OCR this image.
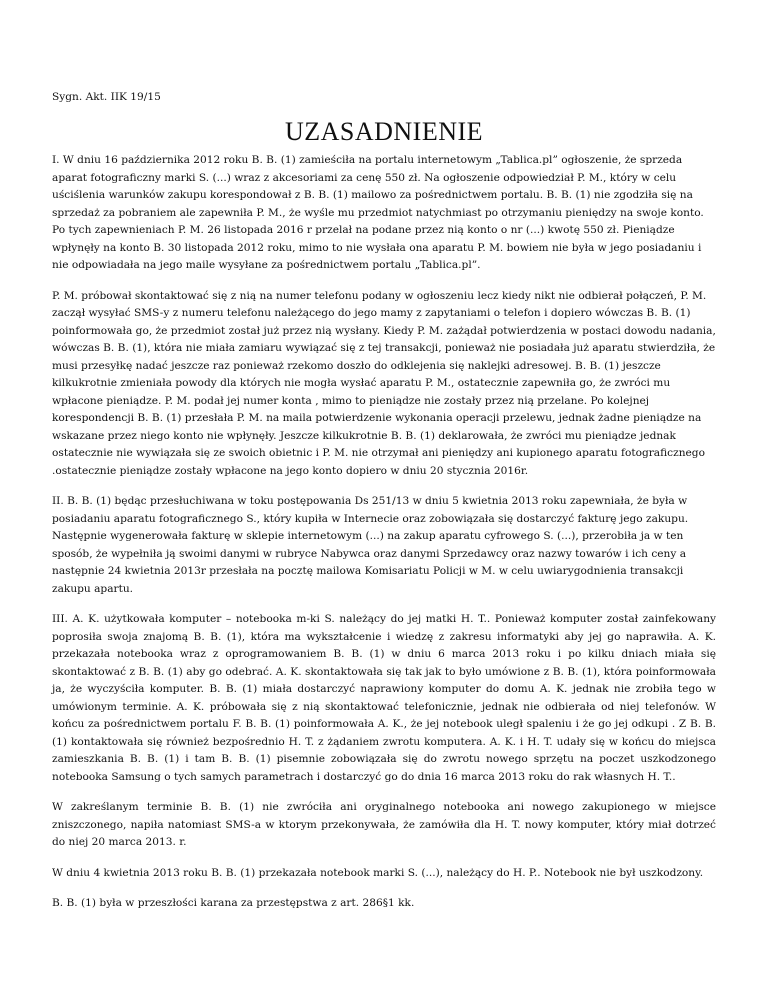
Sygn. Akt. IIK 19/15
UZASADNIENIE

I. W dniu 16 października 2012 roku B. B. (1) zamieściła na portalu internetowym „Tablica.pl” ogłoszenie, że sprzeda aparat fotograficzny marki S. (...) wraz z akcesoriami za cenę 550 zł. Na ogłoszenie odpowiedział P. M., który w celu uściślenia warunków zakupu korespondował z B. B. (1) mailowo za pośrednictwem portalu. B. B. (1) nie zgodziła się na sprzedaż za pobraniem ale zapewniła P. M., że wyśle mu przedmiot natychmiast po otrzymaniu pieniędzy na swoje konto. Po tych zapewnieniach P. M. 26 listopada 2016 r przelał na podane przez nią konto o nr (...) kwotę 550 zł. Pieniądze wpłynęły na konto B. 30 listopada 2012 roku, mimo to nie wysłała ona aparatu P. M. bowiem nie była w jego posiadaniu i nie odpowiadała na jego maile wysyłane za pośrednictwem portalu „Tablica.pl”.

P. M. próbował skontaktować się z nią na numer telefonu podany w ogłoszeniu lecz kiedy nikt nie odbierał połączeń, P. M. zaczął wysyłać SMS-y z numeru telefonu należącego do jego mamy z zapytaniami o telefon i dopiero wówczas B. B. (1) poinformowała go, że przedmiot został już przez nią wysłany. Kiedy P. M. zażądał potwierdzenia w postaci dowodu nadania, wówczas B. B. (1), która nie miała zamiaru wywiązać się z tej transakcji, ponieważ nie posiadała już aparatu stwierdziła, że musi przesyłkę nadać jeszcze raz ponieważ rzekomo doszło do odklejenia się naklejki adresowej. B. B. (1) jeszcze kilkukrotnie zmieniała powody dla których nie mogła wysłać aparatu P. M., ostatecznie zapewniła go, że zwróci mu wpłacone pieniądze. P. M. podał jej numer konta , mimo to pieniądze nie zostały przez nią przelane. Po kolejnej korespondencji B. B. (1) przesłała P. M. na maila potwierdzenie wykonania operacji przelewu, jednak żadne pieniądze na wskazane przez niego konto nie wpłynęły. Jeszcze kilkukrotnie B. B. (1) deklarowała, że zwróci mu pieniądze jednak ostatecznie nie wywiązała się ze swoich obietnic i P. M. nie otrzymał ani pieniędzy ani kupionego aparatu fotograficznego .ostatecznie pieniądze zostały wpłacone na jego konto dopiero w dniu 20 stycznia 2016r.

II. B. B. (1) będąc przesłuchiwana w toku postępowania Ds 251/13 w dniu 5 kwietnia 2013 roku zapewniała, że była w posiadaniu aparatu fotograficznego S., który kupiła w Internecie oraz zobowiązała się dostarczyć fakturę jego zakupu. Następnie wygenerowała fakturę w sklepie internetowym (...) na zakup aparatu cyfrowego S. (...), przerobiła ja w ten sposób, że wypełniła ją swoimi danymi w rubryce Nabywca oraz danymi Sprzedawcy oraz nazwy towarów i ich ceny a następnie 24 kwietnia 2013r przesłała na pocztę mailowa Komisariatu Policji w M. w celu uwiarygodnienia transakcji zakupu apartu.

III. A. K. użytkowała komputer – notebooka m-ki S. należący do jej matki H. T.. Ponieważ komputer został zainfekowany poprosiła swoja znajomą B. B. (1), która ma wykształcenie i wiedzę z zakresu informatyki aby jej go naprawiła. A. K. przekazała notebooka wraz z oprogramowaniem B. B. (1) w dniu 6 marca 2013 roku i po kilku dniach miała się skontaktować z B. B. (1) aby go odebrać. A. K. skontaktowała się tak jak to było umówione z B. B. (1), która poinformowała ja, że wyczyściła komputer. B. B. (1) miała dostarczyć naprawiony komputer do domu A. K. jednak nie zrobiła tego w umówionym terminie. A. K. próbowała się z nią skontaktować telefonicznie, jednak nie odbierała od niej telefonów. W końcu za pośrednictwem portalu F. B. B. (1) poinformowała A. K., że jej notebook uległ spaleniu i że go jej odkupi . Z B. B. (1) kontaktowała się również bezpośrednio H. T. z żądaniem zwrotu komputera. A. K. i H. T. udały się w końcu do miejsca zamieszkania B. B. (1) i tam B. B. (1) pisemnie zobowiązała się do zwrotu nowego sprzętu na poczet uszkodzonego notebooka Samsung o tych samych parametrach i dostarczyć go do dnia 16 marca 2013 roku do rak własnych H. T..

W zakreślanym terminie B. B. (1) nie zwróciła ani oryginalnego notebooka ani nowego zakupionego w miejsce zniszczonego, napiła natomiast SMS-a w ktorym przekonywała, że zamówiła dla H. T. nowy komputer, który miał dotrzeć do niej 20 marca 2013. r.

W dniu 4 kwietnia 2013 roku B. B. (1) przekazała notebook marki S. (...), należący do H. P.. Notebook nie był uszkodzony.

B. B. (1) była w przeszłości karana za przestępstwa z art. 286§1 kk.
